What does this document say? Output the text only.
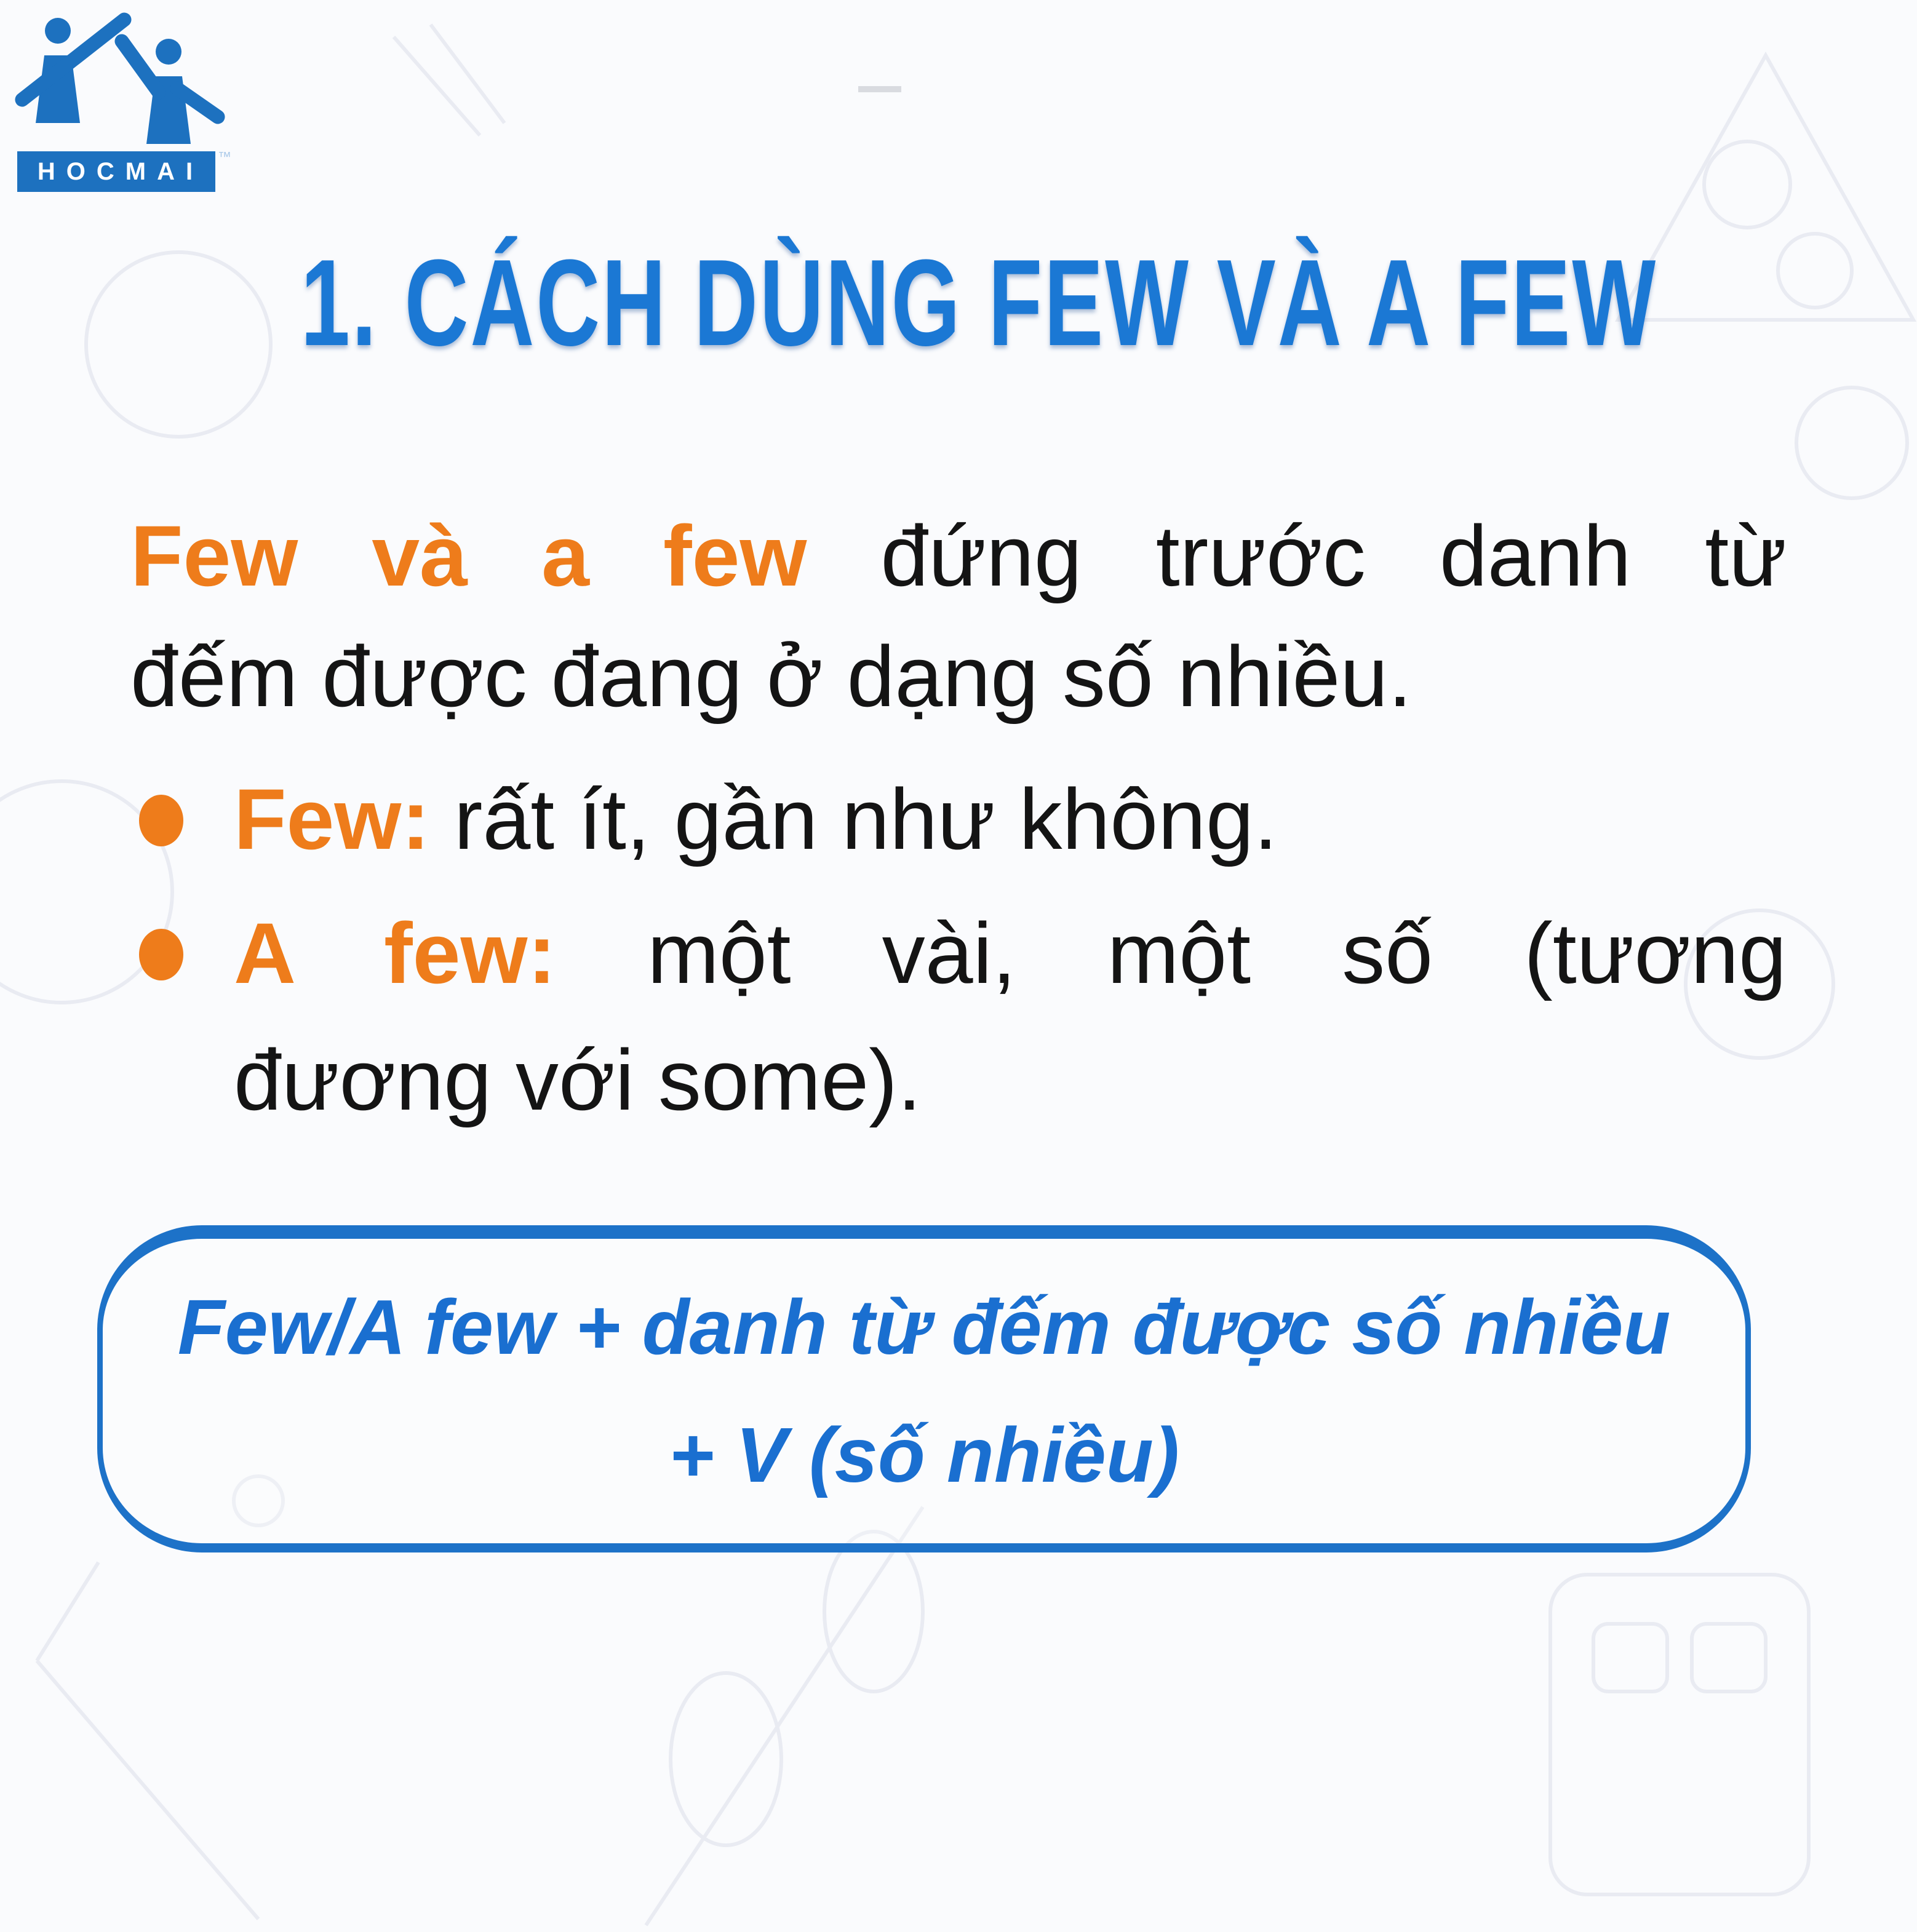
HOCMAI
™
1. CÁCH DÙNG FEW VÀ A FEW
Few và a few đứng trước danh từ
đếm được đang ở dạng số nhiều.
Few: rất ít, gần như không.
A few: một vài, một số (tương
đương với some).
Few/A few + danh từ đếm được số nhiều
+ V (số nhiều)
